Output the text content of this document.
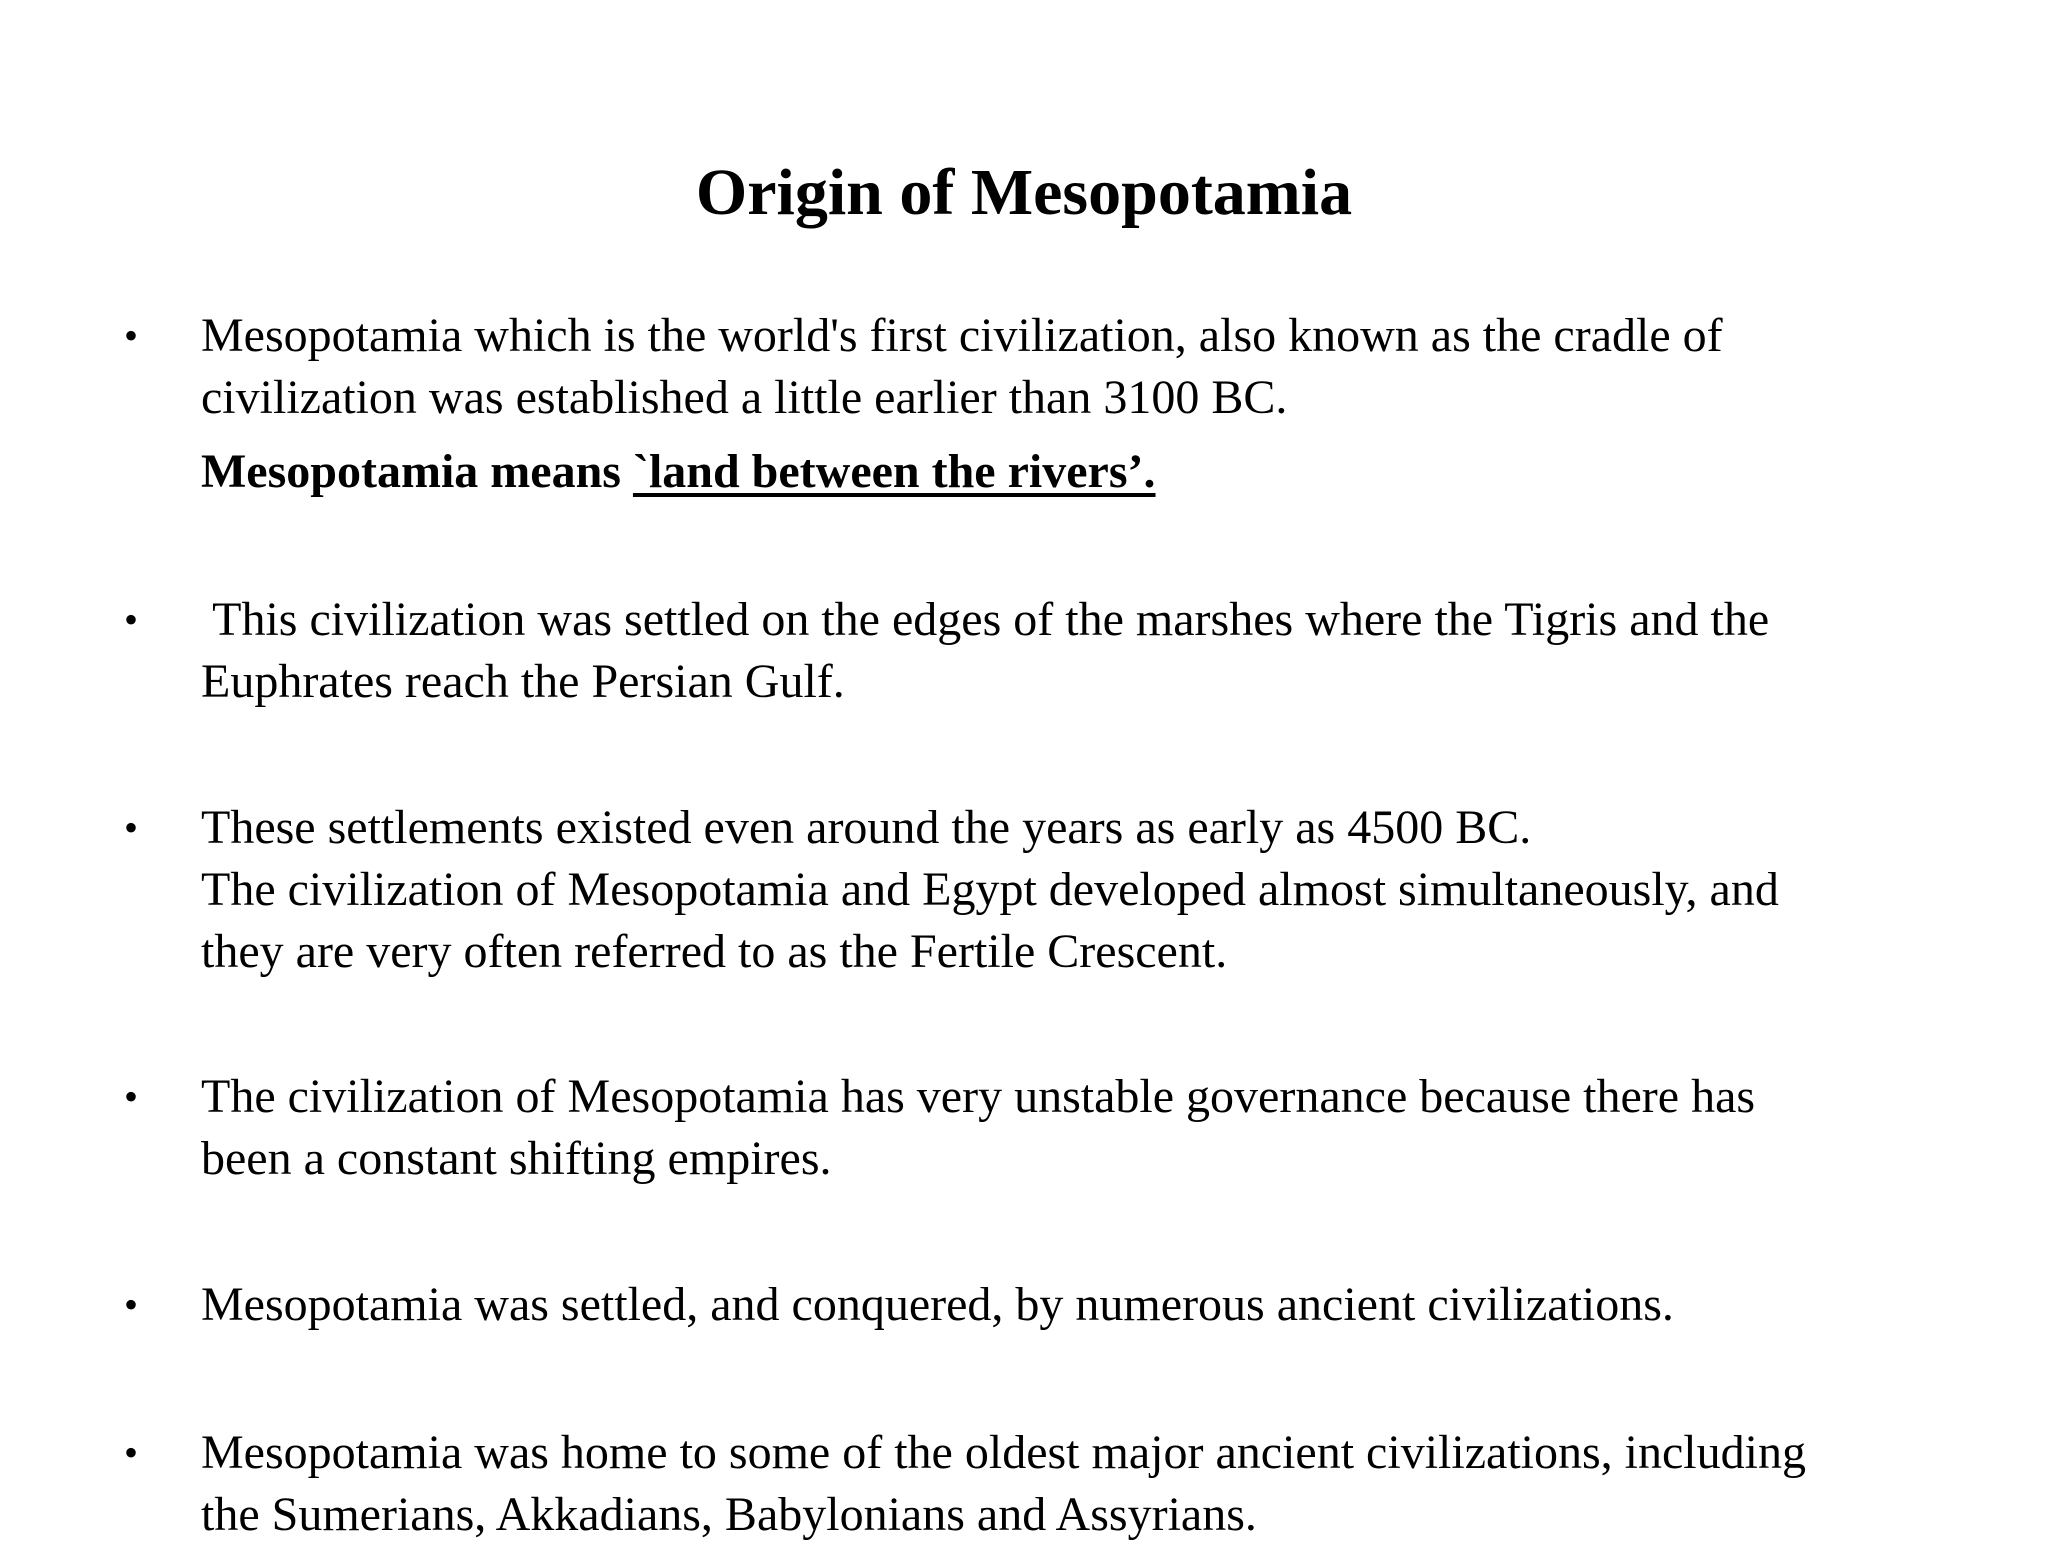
Origin of Mesopotamia
• Mesopotamia which is the world's first civilization, also known as the cradle of
civilization was established a little earlier than 3100 BC.
Mesopotamia means `land between the rivers’.
• This civilization was settled on the edges of the marshes where the Tigris and the
Euphrates reach the Persian Gulf.
• These settlements existed even around the years as early as 4500 BC.
The civilization of Mesopotamia and Egypt developed almost simultaneously, and
they are very often referred to as the Fertile Crescent.
• The civilization of Mesopotamia has very unstable governance because there has
been a constant shifting empires.
• Mesopotamia was settled, and conquered, by numerous ancient civilizations.
• Mesopotamia was home to some of the oldest major ancient civilizations, including
the Sumerians, Akkadians, Babylonians and Assyrians.
